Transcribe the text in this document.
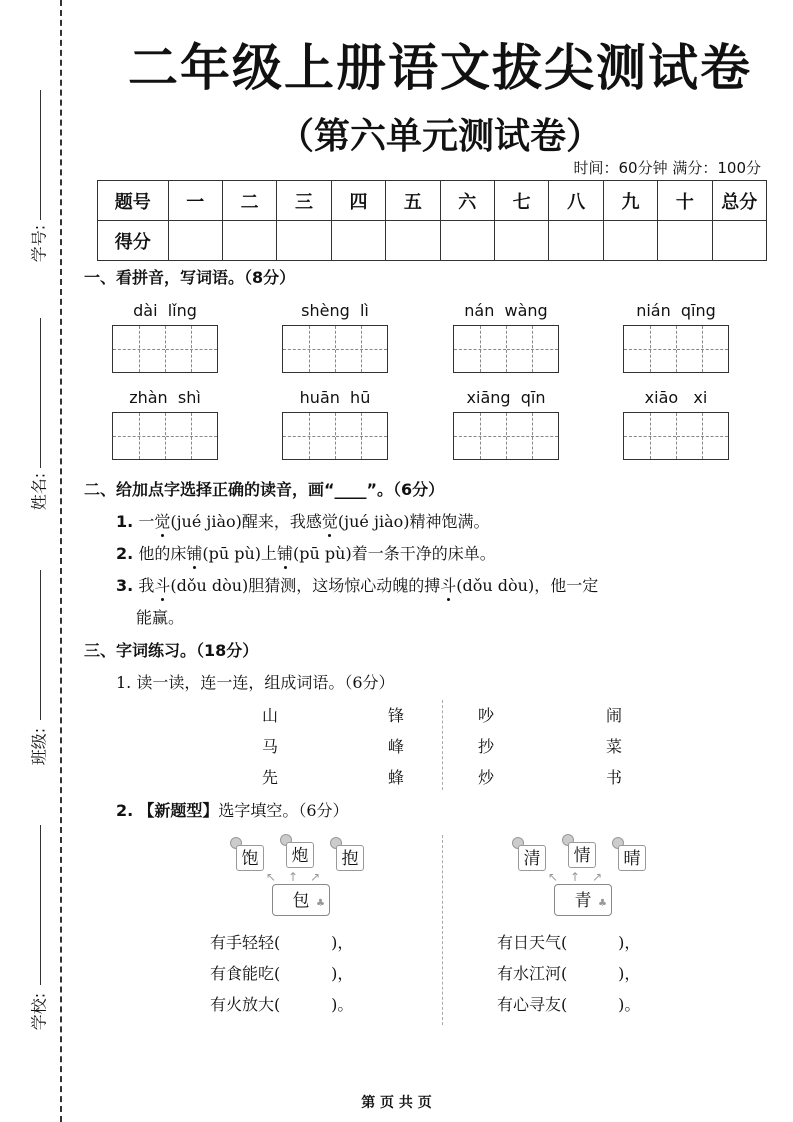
学号:
姓名:
班级:
学校:
二年级上册语文拔尖测试卷
（第六单元测试卷）
时间：60分钟 满分：100分
题号	一	二	三	四	五	六	七	八	九	十	总分
得分											
一、看拼音，写词语。（8分）
dài  lǐng	shèng  lì	nán  wàng	nián  qīng
zhàn  shì	huān  hū	xiāng  qīn	xiāo   xi
二、给加点字选择正确的读音，画“____”。（6分）
1. 一觉(jué jiào)醒来，我感觉(jué jiào)精神饱满。
2. 他的床铺(pū pù)上铺(pū pù)着一条干净的床单。
3. 我斗(dǒu dòu)胆猜测，这场惊心动魄的搏斗(dǒu dòu)，他一定
能赢。
三、字词练习。（18分）
1. 读一读，连一连，组成词语。（6分）
山	锋	吵	闹
马	峰	抄	菜
先	蜂	炒	书
2. 【新题型】选字填空。（6分）
饱	炮	抱
↖↑↗
包 ♣
有手轻轻(          )，
有食能吃(          )，
有火放大(          )。
清	情	晴
↖↑↗
青 ♣
有日天气(          )，
有水江河(          )，
有心寻友(          )。
第 页 共 页
